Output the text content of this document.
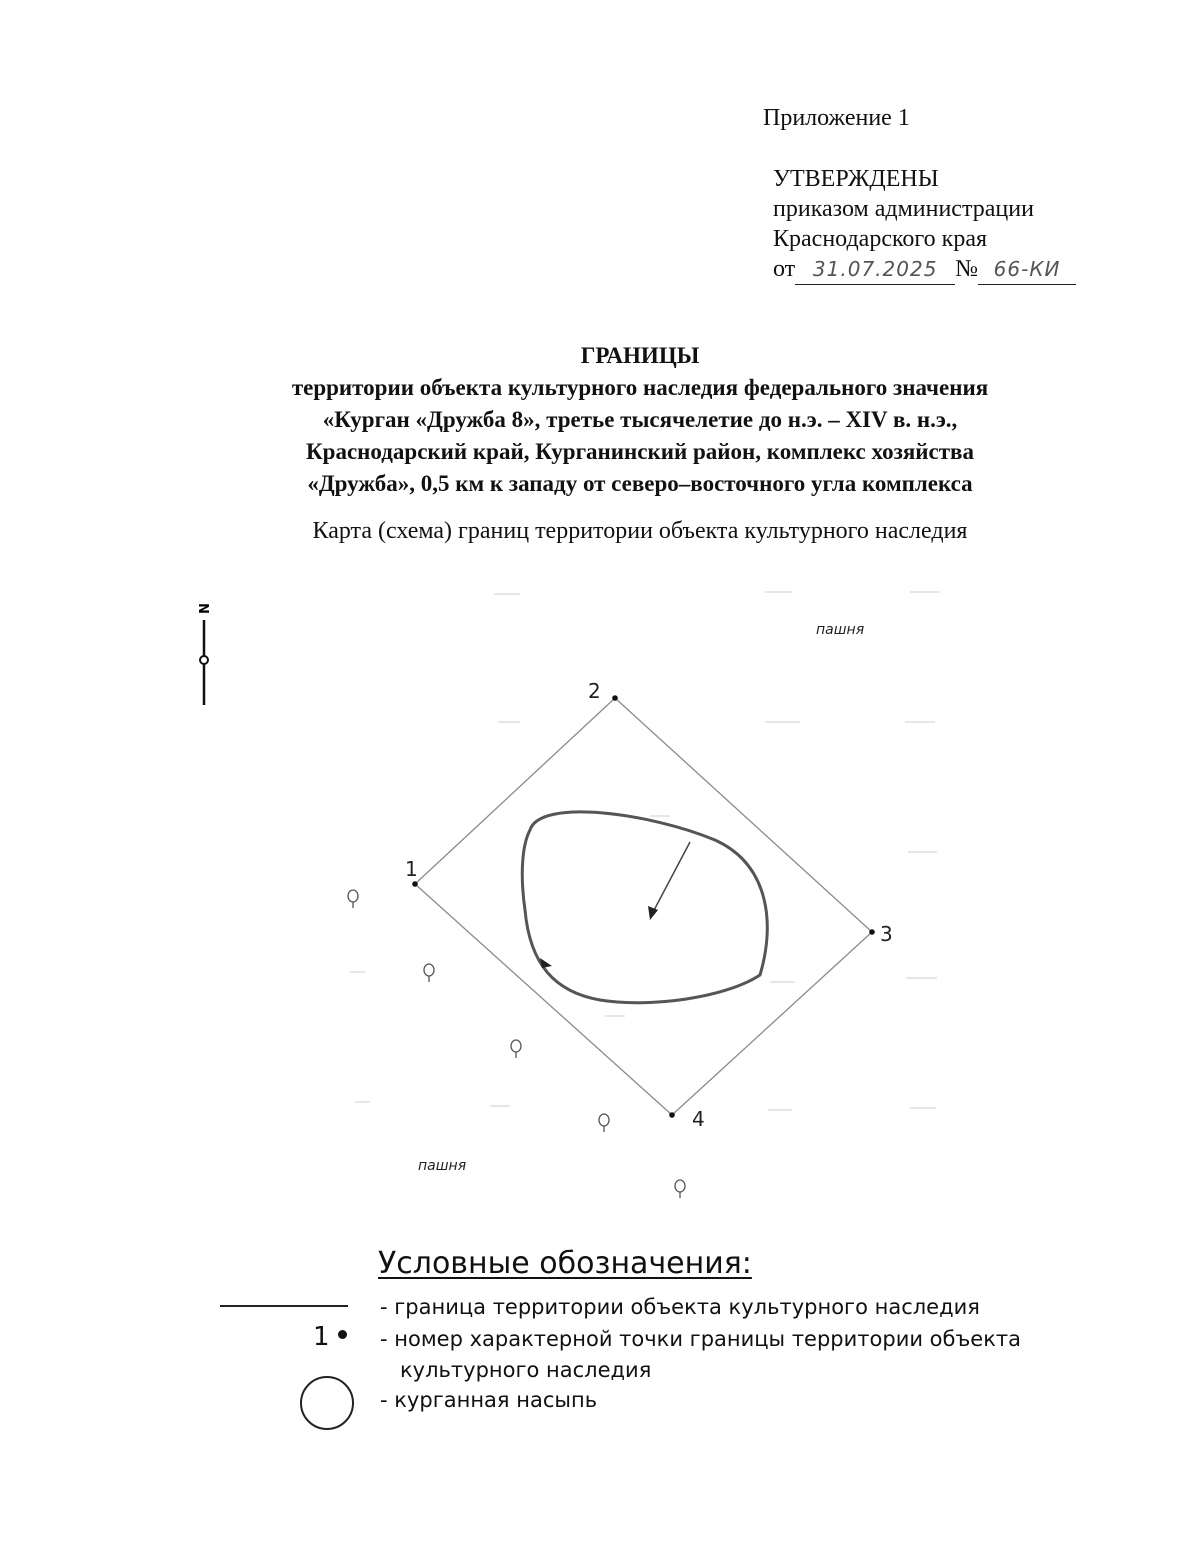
Приложение 1
УТВЕРЖДЕНЫ
приказом администрации
Краснодарского края
от 31.07.2025 № 66-КИ
ГРАНИЦЫ
территории объекта культурного наследия федерального значения
«Курган «Дружба 8», третье тысячелетие до н.э. – XIV в. н.э.,
Краснодарский край, Курганинский район, комплекс хозяйства
«Дружба», 0,5 км к западу от северо–восточного угла комплекса
Карта (схема) границ территории объекта культурного наследия
N
пашня
пашня
1
2
3
4
Условные обозначения:
- граница территории объекта культурного наследия
1 - номер характерной точки границы территории объекта
культурного наследия
- курганная насыпь
